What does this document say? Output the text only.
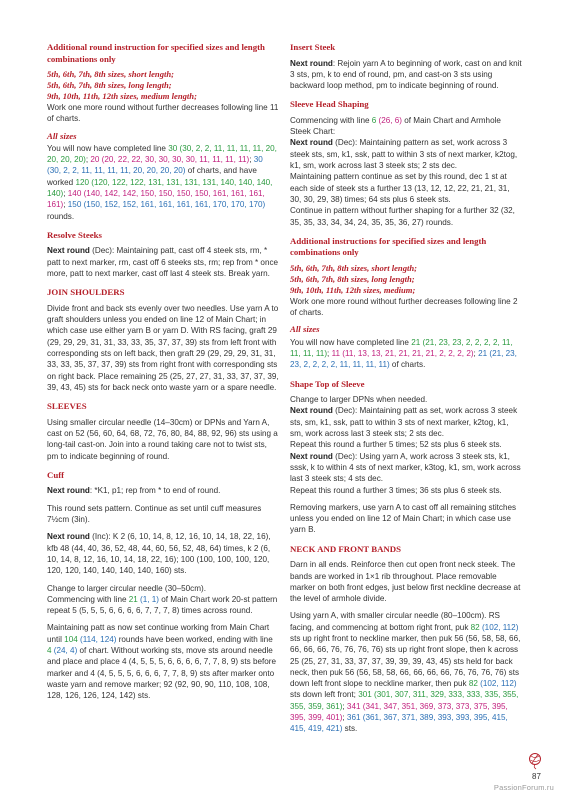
Additional round instruction for specified sizes and length combinations only
5th, 6th, 7th, 8th sizes, short length;
5th, 6th, 7th, 8th sizes, long length;
9th, 10th, 11th, 12th sizes, medium length;

Work one more round without further decreases following line 11 of charts.

All sizes

You will now have completed line 30 (30, 2, 2, 11, 11, 11, 11, 20, 20, 20, 20); 20 (20, 22, 22, 30, 30, 30, 30, 11, 11, 11, 11); 30 (30, 2, 2, 11, 11, 11, 11, 20, 20, 20, 20) of charts, and have worked 120 (120, 122, 122, 131, 131, 131, 131, 140, 140, 140, 140); 140 (140, 142, 142, 150, 150, 150, 150, 161, 161, 161, 161); 150 (150, 152, 152, 161, 161, 161, 161, 170, 170, 170) rounds.

Resolve Steeks

Next round (Dec): Maintaining patt, cast off 4 steek sts, rm, * patt to next marker, rm, cast off 6 steeks sts, rm; rep from * once more, patt to next marker, cast off last 4 steek sts. Break yarn.

JOIN SHOULDERS

Divide front and back sts evenly over two needles. Use yarn A to graft shoulders unless you ended on line 12 of Main Chart; in which case use either yarn B or yarn D. With RS facing, graft 29 (29, 29, 29, 31, 31, 33, 33, 35, 37, 37, 39) sts from left front with corresponding sts on left back, then graft 29 (29, 29, 29, 31, 31, 33, 33, 35, 37, 37, 39) sts from right front with corresponding sts on right back. Place remaining 25 (25, 27, 27, 31, 33, 37, 37, 39, 39, 43, 45) sts for back neck onto waste yarn or a spare needle.

SLEEVES

Using smaller circular needle (14–30cm) or DPNs and Yarn A, cast on 52 (56, 60, 64, 68, 72, 76, 80, 84, 88, 92, 96) sts using a long-tail cast-on. Join into a round taking care not to twist sts, pm to indicate beginning of round.

Cuff

Next round: *K1, p1; rep from * to end of round.

This round sets pattern. Continue as set until cuff measures 7½cm (3in).

Next round (Inc): K 2 (6, 10, 14, 8, 12, 16, 10, 14, 18, 22, 16), kfb 48 (44, 40, 36, 52, 48, 44, 60, 56, 52, 48, 64) times, k 2 (6, 10, 14, 8, 12, 16, 10, 14, 18, 22, 16); 100 (100, 100, 100, 120, 120, 120, 140, 140, 140, 140, 160) sts.

Change to larger circular needle (30–50cm).
Commencing with line 21 (1, 1) of Main Chart work 20-st pattern repeat 5 (5, 5, 5, 6, 6, 6, 6, 7, 7, 7, 8) times across round.

Maintaining patt as now set continue working from Main Chart until 104 (114, 124) rounds have been worked, ending with line 4 (24, 4) of chart. Without working sts, move sts around needle and place and place 4 (4, 5, 5, 5, 6, 6, 6, 6, 7, 7, 8, 9) sts before marker and 4 (4, 5, 5, 5, 6, 6, 6, 7, 7, 8, 9) sts after marker onto waste yarn and remove marker; 92 (92, 90, 90, 110, 108, 108, 128, 126, 126, 124, 142) sts.

Insert Steek

Next round: Rejoin yarn A to beginning of work, cast on and knit 3 sts, pm, k to end of round, pm, and cast-on 3 sts using backward loop method, pm to indicate beginning of round.

Sleeve Head Shaping

Commencing with line 6 (26, 6) of Main Chart and Armhole Steek Chart:

Next round (Dec): Maintaining pattern as set, work across 3 steek sts, sm, k1, ssk, patt to within 3 sts of next marker, k2tog, k1, sm, work across last 3 steek sts; 2 sts dec.

Maintaining pattern continue as set by this round, dec 1 st at each side of steek sts a further 13 (13, 12, 12, 22, 21, 21, 31, 30, 30, 29, 38) times; 64 sts plus 6 steek sts.

Continue in pattern without further shaping for a further 32 (32, 35, 35, 33, 34, 34, 24, 35, 35, 36, 27) rounds.

Additional instructions for specified sizes and length combinations only
5th, 6th, 7th, 8th sizes, short length;
5th, 6th, 7th, 8th sizes, long length;
9th, 10th, 11th, 12th sizes, medium;

Work one more round without further decreases following line 2 of charts.

All sizes

You will now have completed line 21 (21, 23, 23, 2, 2, 2, 2, 11, 11, 11, 11); 11 (11, 13, 13, 21, 21, 21, 21, 2, 2, 2, 2); 21 (21, 23, 23, 2, 2, 2, 2, 11, 11, 11, 11) of charts.

Shape Top of Sleeve

Change to larger DPNs when needed.

Next round (Dec): Maintaining patt as set, work across 3 steek sts, sm, k1, ssk, patt to within 3 sts of next marker, k2tog, k1, sm, work across last 3 steek sts; 2 sts dec.

Repeat this round a further 5 times; 52 sts plus 6 steek sts.

Next round (Dec): Using yarn A, work across 3 steek sts, k1, sssk, k to within 4 sts of next marker, k3tog, k1, sm, work across last 3 steek sts; 4 sts dec.

Repeat this round a further 3 times; 36 sts plus 6 steek sts.

Removing markers, use yarn A to cast off all remaining stitches unless you ended on line 12 of Main Chart; in which case use yarn B.

NECK AND FRONT BANDS

Darn in all ends. Reinforce then cut open front neck steek. The bands are worked in 1×1 rib throughout. Place removable marker on both front edges, just below first neckline decrease at the level of armhole divide.

Using yarn A, with smaller circular needle (80–100cm). RS facing, and commencing at bottom right front, puk 82 (102, 112) sts up right front to neckline marker, then puk 56 (56, 58, 58, 66, 66, 66, 66, 76, 76, 76, 76) sts up right front slope, then k across 25 (25, 27, 31, 33, 37, 37, 39, 39, 39, 43, 45) sts held for back neck, then puk 56 (56, 58, 58, 66, 66, 66, 66, 76, 76, 76, 76) sts down left front slope to neckline marker, then puk 82 (102, 112) sts down left front; 301 (301, 307, 311, 329, 333, 333, 335, 355, 355, 359, 361); 341 (341, 347, 351, 369, 373, 373, 375, 395, 395, 399, 401); 361 (361, 367, 371, 389, 393, 393, 395, 415, 415, 419, 421) sts.

87
PassionForum.ru
